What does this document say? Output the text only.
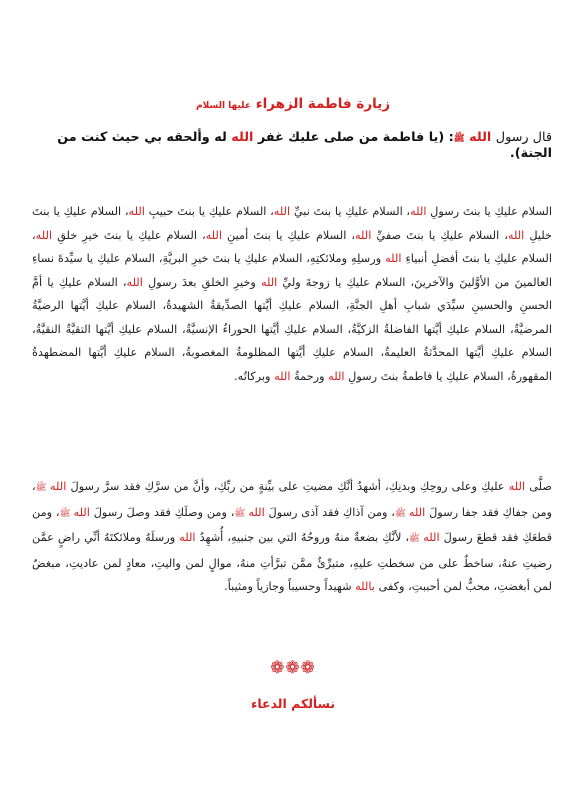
زيارة فاطمة الزهراء عليها السلام
قال رسول الله ﷺ: (يا فاطمة من صلى عليك غفر الله له وألحقه بي حيث كنت من الجنة).
السلام عليكِ يا بنتَ رسولِ الله، السلام عليكِ يا بنتَ نبيِّ الله، السلام عليكِ يا بنتَ حبيبِ الله، السلام عليكِ يا بنتَ خليلِ الله، السلام عليكِ يا بنتَ صفيِّ الله، السلام عليكِ يا بنتَ أمينِ الله، السلام عليكِ يا بنتَ خيرِ خلقِ الله، السلام عليكِ يا بنتَ أفضلِ أنبياءِ الله ورسلِهِ وملائكتِهِ، السلام عليكِ يا بنتَ خيرِ البريَّةِ، السلام عليكِ يا سيِّدةَ نساءِ العالمينَ من الأوَّلينَ والآخرينَ، السلام عليكِ يا زوجةَ وليِّ الله وخيرِ الخلقِ بعدَ رسولِ الله، السلام عليكِ يا أمَّ الحسنِ والحسينِ سيِّدَي شبابِ أهلِ الجنَّةِ، السلام عليكِ أيَّتها الصدِّيقةُ الشهيدةُ، السلام عليكِ أيَّتها الرضيَّةُ المرضيَّةُ، السلام عليكِ أيَّتها الفاضلةُ الزكيَّةُ، السلام عليكِ أيَّتها الحوراءُ الإنسيَّةُ، السلام عليكِ أيَّتها التقيَّةُ النقيَّةُ، السلام عليكِ أيَّتها المحدَّثةُ العليمةُ، السلام عليكِ أيَّتها المظلومةُ المغصوبةُ، السلام عليكِ أيَّتها المضطهدةُ المقهورةُ، السلام عليكِ يا فاطمةُ بنتَ رسولِ الله ورحمةُ الله وبركاتُه.
صلَّى الله عليكِ وعلى روحِكِ وبدنِكِ، أشهدُ أنَّكِ مضيتِ على بيِّنةٍ من ربِّكِ، وأنَّ من سرَّكِ فقد سرَّ رسولَ الله ﷺ، ومن جفاكِ فقد جفا رسولَ الله ﷺ، ومن آذاكِ فقد آذى رسولَ الله ﷺ، ومن وصلَكِ فقد وصلَ رسولَ الله ﷺ، ومن قطعَكِ فقد قطعَ رسولَ الله ﷺ، لأنَّكِ بضعةٌ منهُ وروحُهُ التي بين جنبيهِ، أُشهِدُ الله ورسلَهُ وملائكتَهُ أنِّي راضٍ عمَّن رضيتِ عنهُ، ساخطٌ على من سخطتِ عليهِ، متبرِّئٌ ممَّن تبرَّأتِ منهُ، موالٍ لمن واليتِ، معادٍ لمن عاديتِ، مبغضٌ لمن أبغضتِ، محبٌّ لمن أحببتِ، وكفى بالله شهيداً وحسيباً وجازياً ومثيباً.
❁❁❁
نسألكم الدعاء
